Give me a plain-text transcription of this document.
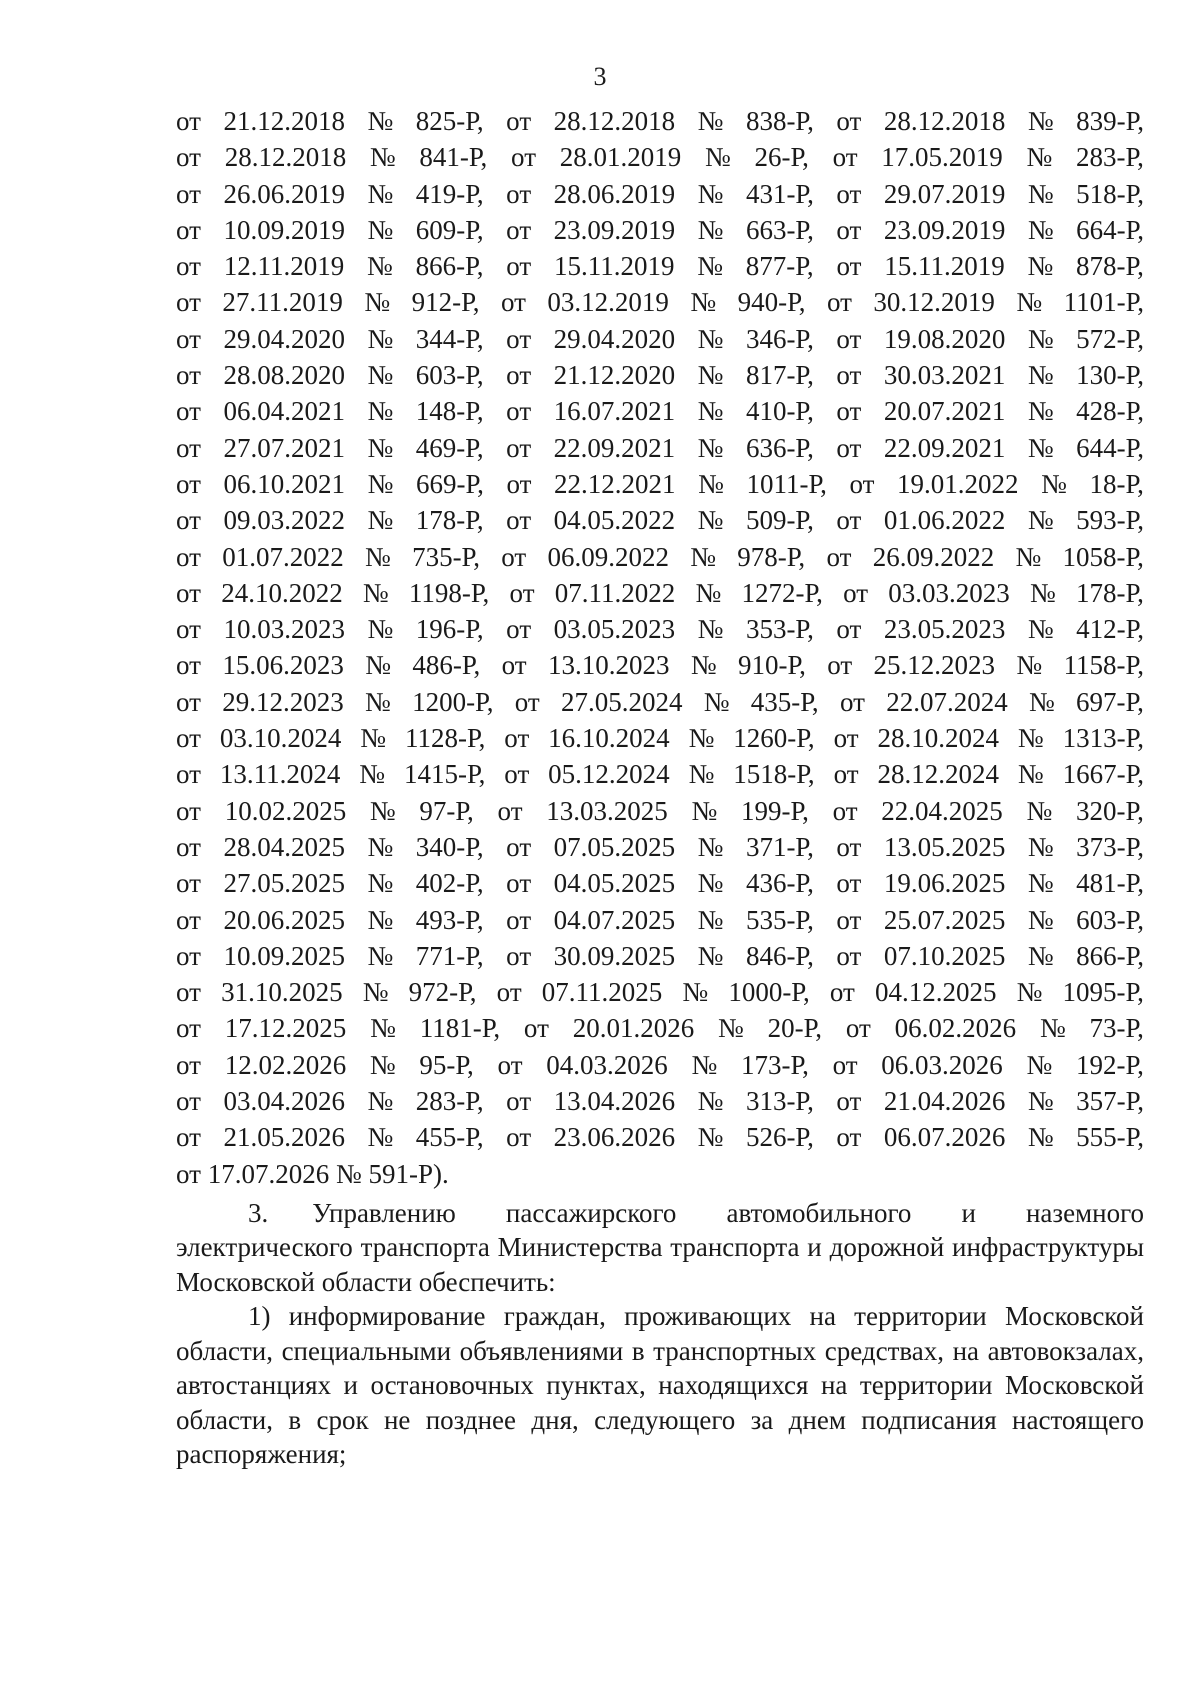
3
от 21.12.2018 № 825-Р, от 28.12.2018 № 838-Р, от 28.12.2018 № 839-Р,
от 28.12.2018 № 841-Р, от 28.01.2019 № 26-Р, от 17.05.2019 № 283-Р,
от 26.06.2019 № 419-Р, от 28.06.2019 № 431-Р, от 29.07.2019 № 518-Р,
от 10.09.2019 № 609-Р, от 23.09.2019 № 663-Р, от 23.09.2019 № 664-Р,
от 12.11.2019 № 866-Р, от 15.11.2019 № 877-Р, от 15.11.2019 № 878-Р,
от 27.11.2019 № 912-Р, от 03.12.2019 № 940-Р, от 30.12.2019 № 1101-Р,
от 29.04.2020 № 344-Р, от 29.04.2020 № 346-Р, от 19.08.2020 № 572-Р,
от 28.08.2020 № 603-Р, от 21.12.2020 № 817-Р, от 30.03.2021 № 130-Р,
от 06.04.2021 № 148-Р, от 16.07.2021 № 410-Р, от 20.07.2021 № 428-Р,
от 27.07.2021 № 469-Р, от 22.09.2021 № 636-Р, от 22.09.2021 № 644-Р,
от 06.10.2021 № 669-Р, от 22.12.2021 № 1011-Р, от 19.01.2022 № 18-Р,
от 09.03.2022 № 178-Р, от 04.05.2022 № 509-Р, от 01.06.2022 № 593-Р,
от 01.07.2022 № 735-Р, от 06.09.2022 № 978-Р, от 26.09.2022 № 1058-Р,
от 24.10.2022 № 1198-Р, от 07.11.2022 № 1272-Р, от 03.03.2023 № 178-Р,
от 10.03.2023 № 196-Р, от 03.05.2023 № 353-Р, от 23.05.2023 № 412-Р,
от 15.06.2023 № 486-Р, от 13.10.2023 № 910-Р, от 25.12.2023 № 1158-Р,
от 29.12.2023 № 1200-Р, от 27.05.2024 № 435-Р, от 22.07.2024 № 697-Р,
от 03.10.2024 № 1128-Р, от 16.10.2024 № 1260-Р, от 28.10.2024 № 1313-Р,
от 13.11.2024 № 1415-Р, от 05.12.2024 № 1518-Р, от 28.12.2024 № 1667-Р,
от 10.02.2025 № 97-Р, от 13.03.2025 № 199-Р, от 22.04.2025 № 320-Р,
от 28.04.2025 № 340-Р, от 07.05.2025 № 371-Р, от 13.05.2025 № 373-Р,
от 27.05.2025 № 402-Р, от 04.05.2025 № 436-Р, от 19.06.2025 № 481-Р,
от 20.06.2025 № 493-Р, от 04.07.2025 № 535-Р, от 25.07.2025 № 603-Р,
от 10.09.2025 № 771-Р, от 30.09.2025 № 846-Р, от 07.10.2025 № 866-Р,
от 31.10.2025 № 972-Р, от 07.11.2025 № 1000-Р, от 04.12.2025 № 1095-Р,
от 17.12.2025 № 1181-Р, от 20.01.2026 № 20-Р, от 06.02.2026 № 73-Р,
от 12.02.2026 № 95-Р, от 04.03.2026 № 173-Р, от 06.03.2026 № 192-Р,
от 03.04.2026 № 283-Р, от 13.04.2026 № 313-Р, от 21.04.2026 № 357-Р,
от 21.05.2026 № 455-Р, от 23.06.2026 № 526-Р, от 06.07.2026 № 555-Р,
от 17.07.2026 № 591-Р).

3. Управлению пассажирского автомобильного и наземного электрического транспорта Министерства транспорта и дорожной инфраструктуры Московской области обеспечить:

1) информирование граждан, проживающих на территории Московской области, специальными объявлениями в транспортных средствах, на автовокзалах, автостанциях и остановочных пунктах, находящихся на территории Московской области, в срок не позднее дня, следующего за днем подписания настоящего распоряжения;
